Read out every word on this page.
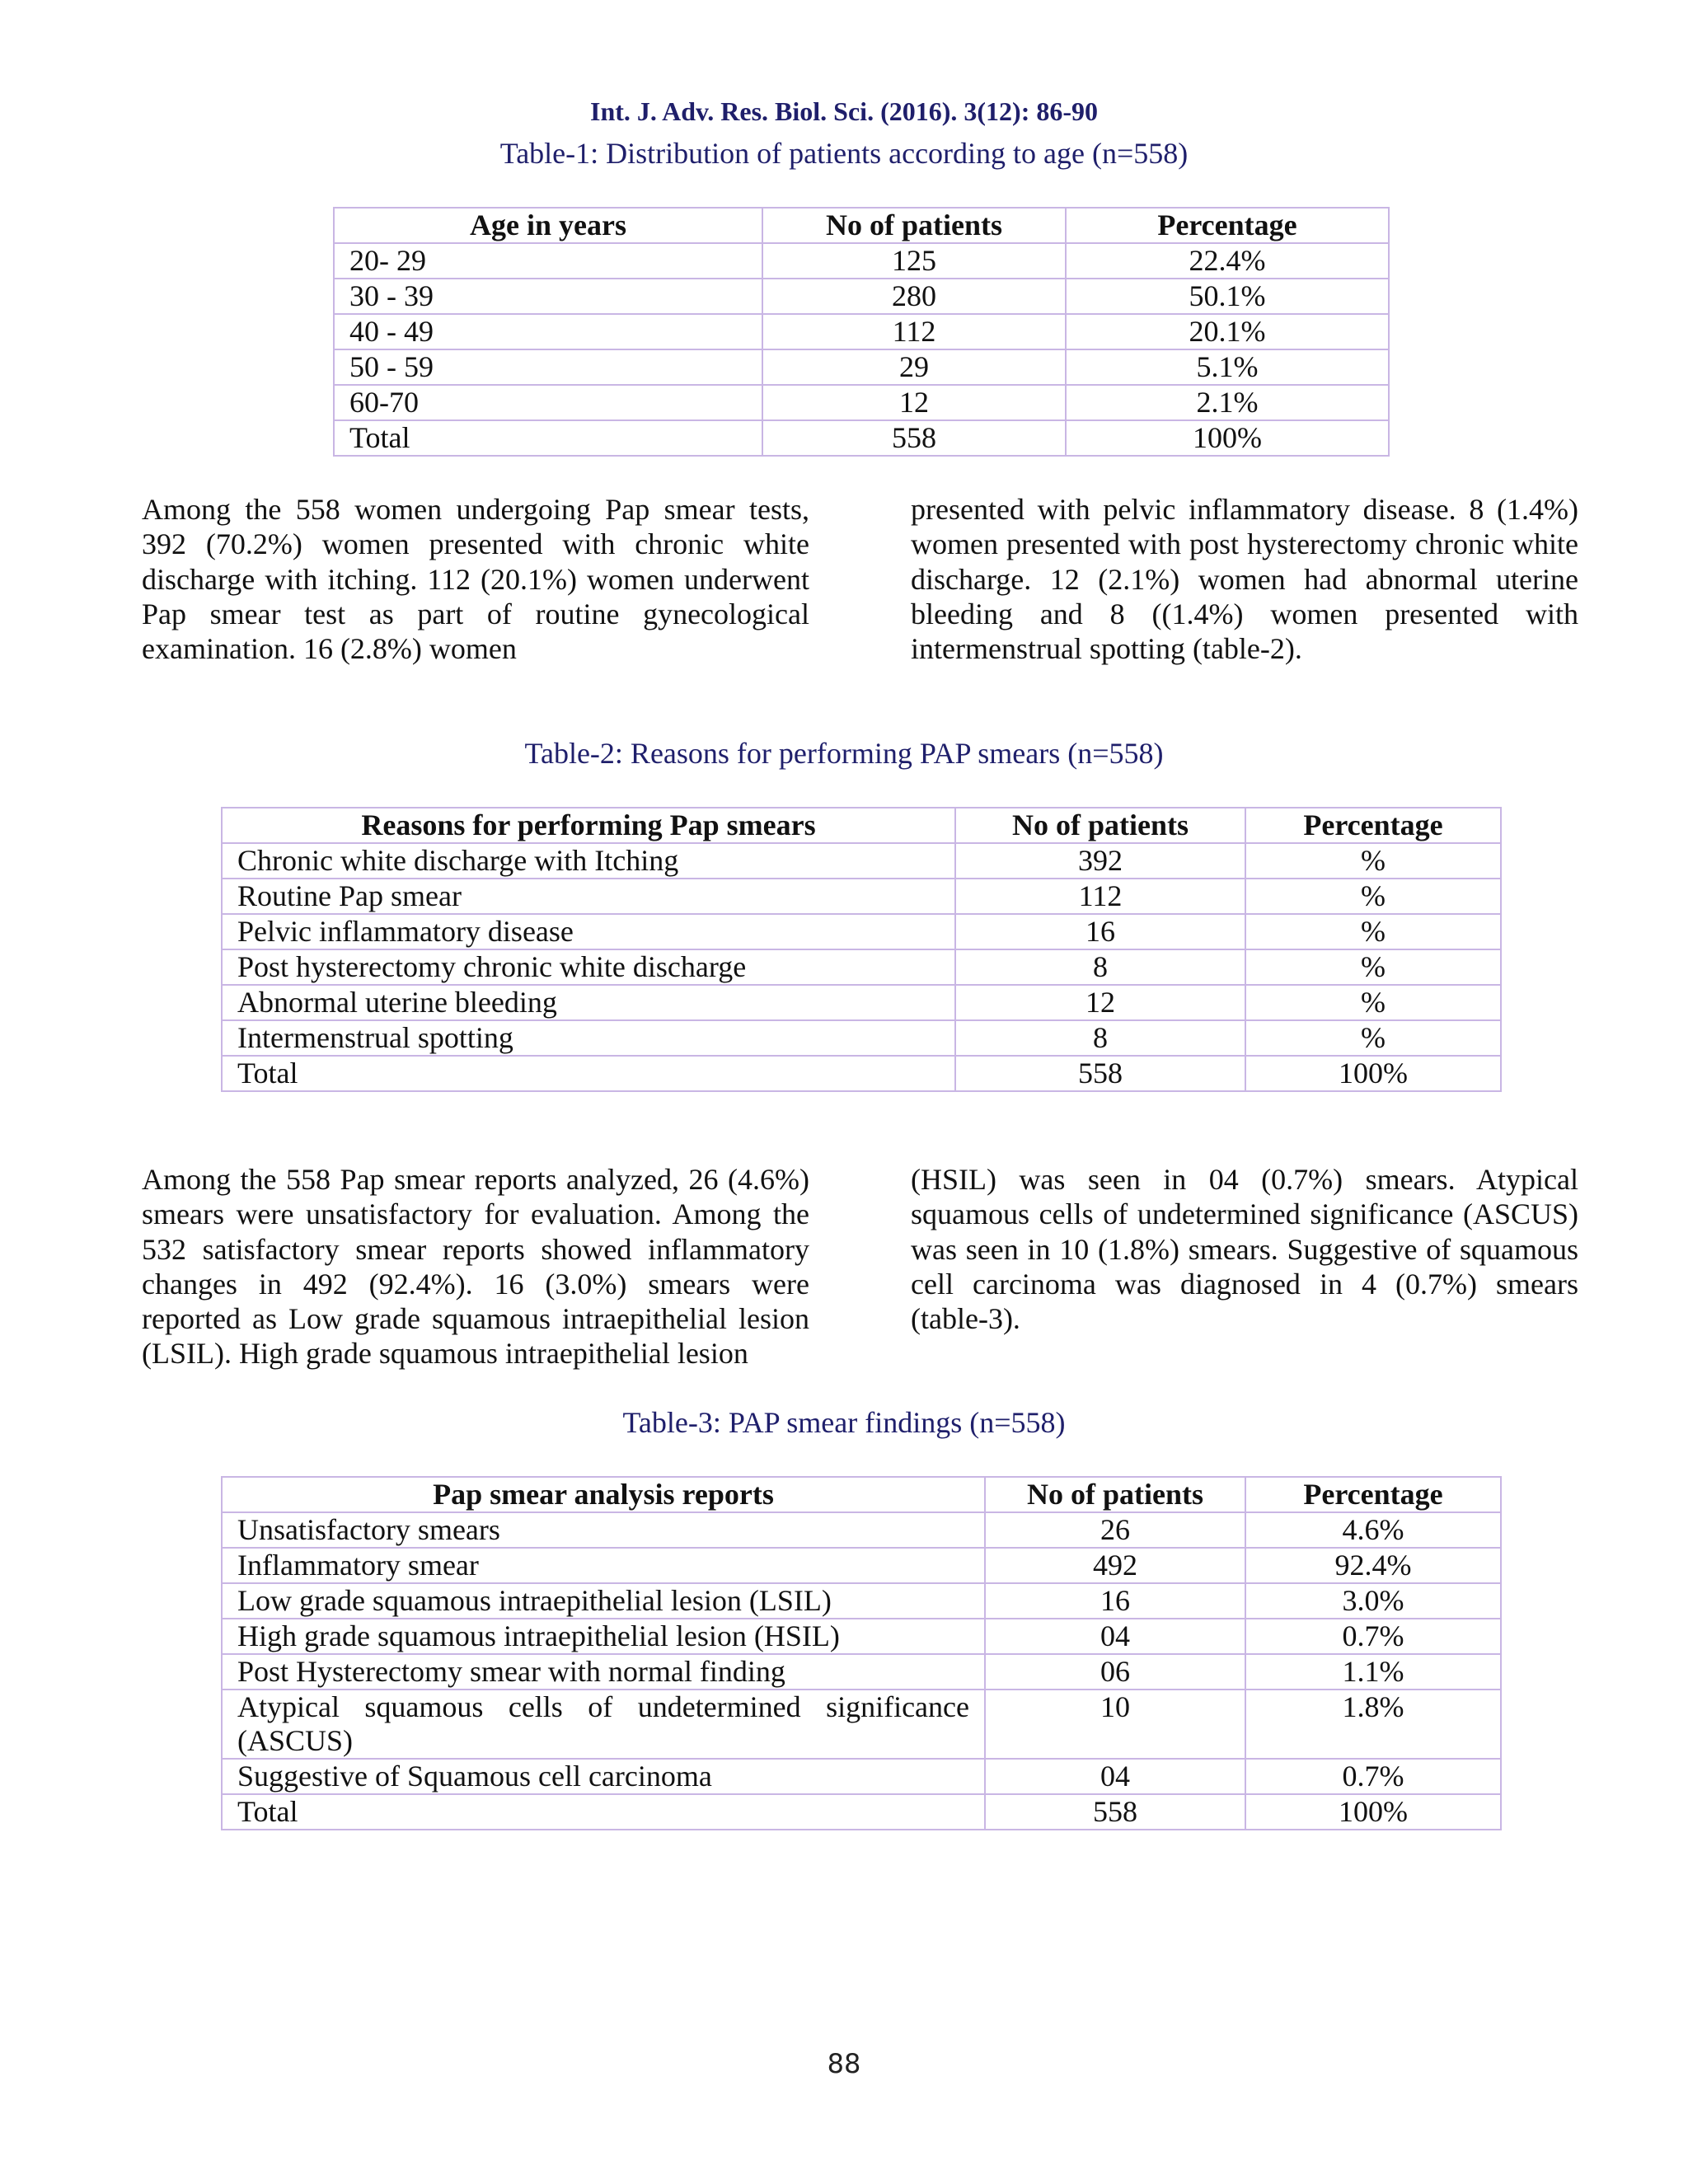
Int. J. Adv. Res. Biol. Sci. (2016). 3(12): 86-90
Table-1: Distribution of patients according to age (n=558)
Age in years	No of patients	Percentage
20- 29	125	22.4%
30 - 39	280	50.1%
40 - 49	112	20.1%
50 - 59	29	5.1%
60-70	12	2.1%
Total	558	100%
Among the 558 women undergoing Pap smear tests, 392 (70.2%) women presented with chronic white discharge with itching. 112 (20.1%) women underwent Pap smear test as part of routine gynecological examination. 16 (2.8%) women
presented with pelvic inflammatory disease. 8 (1.4%) women presented with post hysterectomy chronic white discharge. 12 (2.1%) women had abnormal uterine bleeding and 8 ((1.4%) women presented with intermenstrual spotting (table-2).
Table-2: Reasons for performing PAP smears (n=558)
Reasons for performing Pap smears	No of patients	Percentage
Chronic white discharge with Itching	392	%
Routine Pap smear	112	%
Pelvic inflammatory disease	16	%
Post hysterectomy chronic white discharge	8	%
Abnormal uterine bleeding	12	%
Intermenstrual spotting	8	%
Total	558	100%
Among the 558 Pap smear reports analyzed, 26 (4.6%) smears were unsatisfactory for evaluation. Among the 532 satisfactory smear reports showed inflammatory changes in 492 (92.4%). 16 (3.0%) smears were reported as Low grade squamous intraepithelial lesion (LSIL). High grade squamous intraepithelial lesion
(HSIL) was seen in 04 (0.7%) smears. Atypical squamous cells of undetermined significance (ASCUS) was seen in 10 (1.8%) smears. Suggestive of squamous cell carcinoma was diagnosed in 4 (0.7%) smears (table-3).
Table-3: PAP smear findings (n=558)
Pap smear analysis reports	No of patients	Percentage
Unsatisfactory smears	26	4.6%
Inflammatory smear	492	92.4%
Low grade squamous intraepithelial lesion (LSIL)	16	3.0%
High grade squamous intraepithelial lesion (HSIL)	04	0.7%
Post Hysterectomy smear with normal finding	06	1.1%
Atypical squamous cells of undetermined significance (ASCUS)	10	1.8%
Suggestive of Squamous cell carcinoma	04	0.7%
Total	558	100%
88
